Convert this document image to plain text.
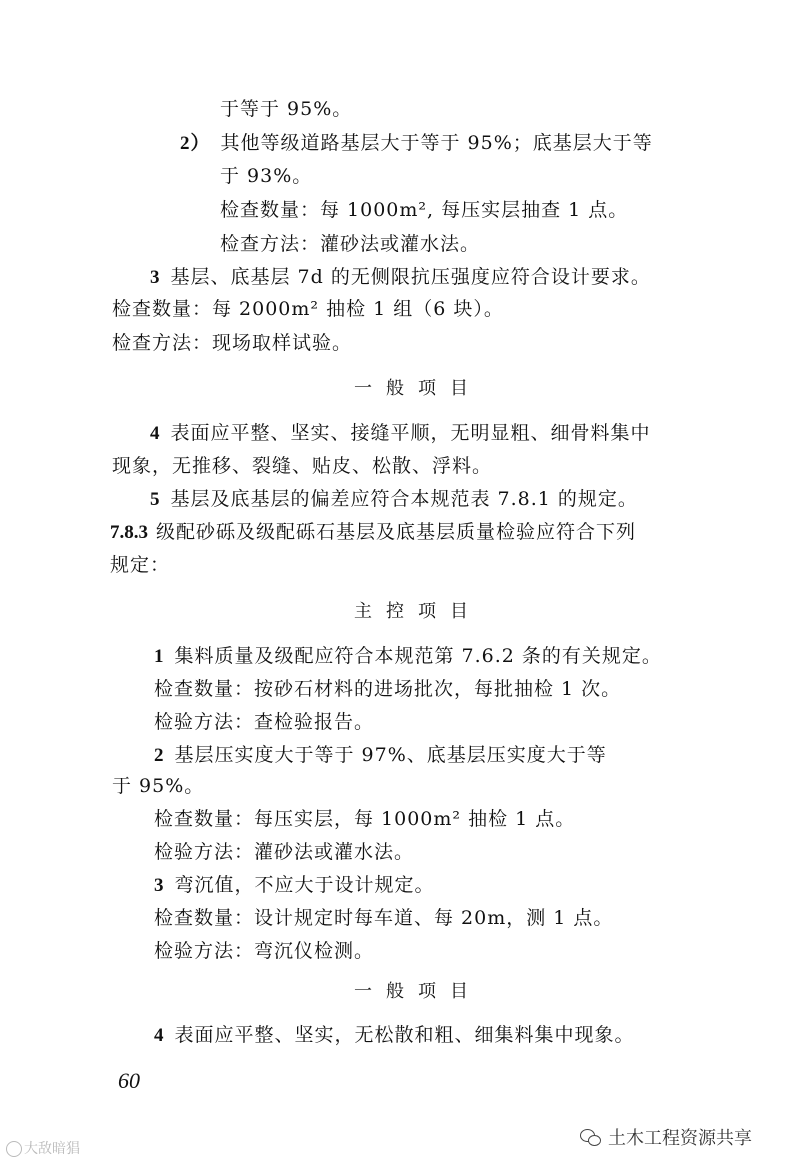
于等于 95%。
2） 其他等级道路基层大于等于 95%；底基层大于等
于 93%。
检查数量：每 1000m², 每压实层抽查 1 点。
检查方法：灌砂法或灌水法。
3 基层、底基层 7d 的无侧限抗压强度应符合设计要求。
检查数量：每 2000m² 抽检 1 组（6 块）。
检查方法：现场取样试验。
一般项目
4 表面应平整、坚实、接缝平顺，无明显粗、细骨料集中
现象，无推移、裂缝、贴皮、松散、浮料。
5 基层及底基层的偏差应符合本规范表 7.8.1 的规定。
7.8.3 级配砂砾及级配砾石基层及底基层质量检验应符合下列
规定：
主控项目
1 集料质量及级配应符合本规范第 7.6.2 条的有关规定。
检查数量：按砂石材料的进场批次，每批抽检 1 次。
检验方法：查检验报告。
2 基层压实度大于等于 97%、底基层压实度大于等
于 95%。
检查数量：每压实层，每 1000m² 抽检 1 点。
检验方法：灌砂法或灌水法。
3 弯沉值，不应大于设计规定。
检查数量：设计规定时每车道、每 20m，测 1 点。
检验方法：弯沉仪检测。
一般项目
4 表面应平整、坚实，无松散和粗、细集料集中现象。
60
大敌暗猖	土木工程资源共享
